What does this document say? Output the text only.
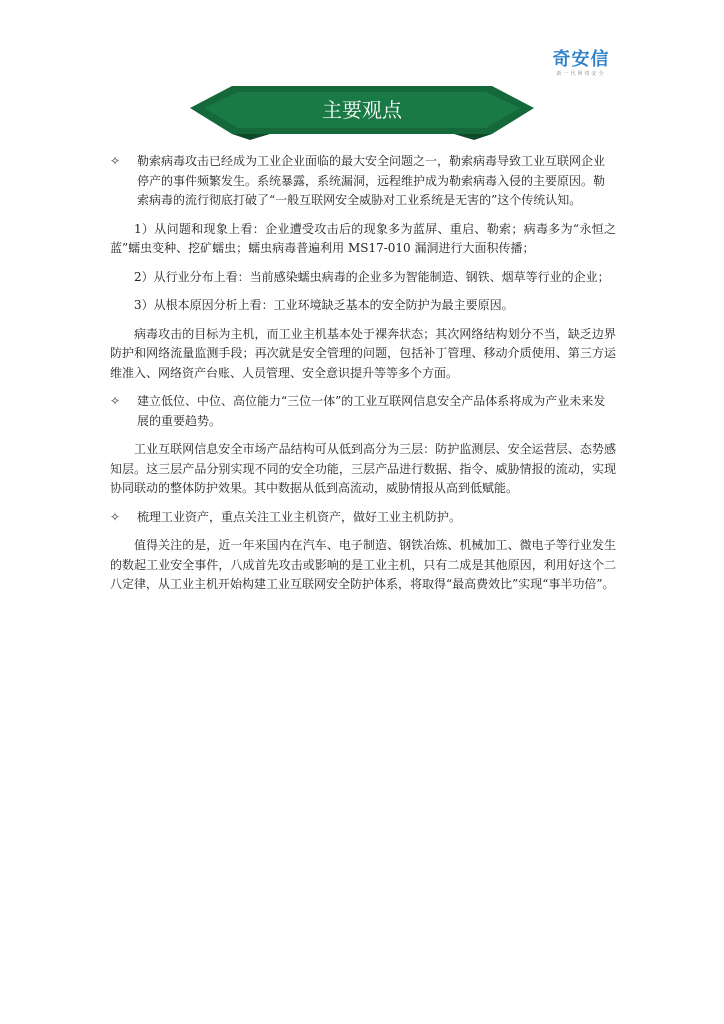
奇安信
新一代网络安全
主要观点
✧ 勒索病毒攻击已经成为工业企业面临的最大安全问题之一，勒索病毒导致工业互联网企业停产的事件频繁发生。系统暴露，系统漏洞，远程维护成为勒索病毒入侵的主要原因。勒索病毒的流行彻底打破了“一般互联网安全威胁对工业系统是无害的”这个传统认知。

1）从问题和现象上看：企业遭受攻击后的现象多为蓝屏、重启、勒索；病毒多为“永恒之蓝”蠕虫变种、挖矿蠕虫；蠕虫病毒普遍利用 MS17-010 漏洞进行大面积传播；

2）从行业分布上看：当前感染蠕虫病毒的企业多为智能制造、钢铁、烟草等行业的企业；

3）从根本原因分析上看：工业环境缺乏基本的安全防护为最主要原因。

病毒攻击的目标为主机，而工业主机基本处于裸奔状态；其次网络结构划分不当，缺乏边界防护和网络流量监测手段；再次就是安全管理的问题，包括补丁管理、移动介质使用、第三方运维准入、网络资产台账、人员管理、安全意识提升等等多个方面。

✧ 建立低位、中位、高位能力“三位一体”的工业互联网信息安全产品体系将成为产业未来发展的重要趋势。

工业互联网信息安全市场产品结构可从低到高分为三层：防护监测层、安全运营层、态势感知层。这三层产品分别实现不同的安全功能，三层产品进行数据、指令、威胁情报的流动，实现协同联动的整体防护效果。其中数据从低到高流动，威胁情报从高到低赋能。

✧ 梳理工业资产，重点关注工业主机资产，做好工业主机防护。

值得关注的是，近一年来国内在汽车、电子制造、钢铁冶炼、机械加工、微电子等行业发生的数起工业安全事件，八成首先攻击或影响的是工业主机，只有二成是其他原因，利用好这个二八定律，从工业主机开始构建工业互联网安全防护体系，将取得“最高费效比”实现“事半功倍”。
